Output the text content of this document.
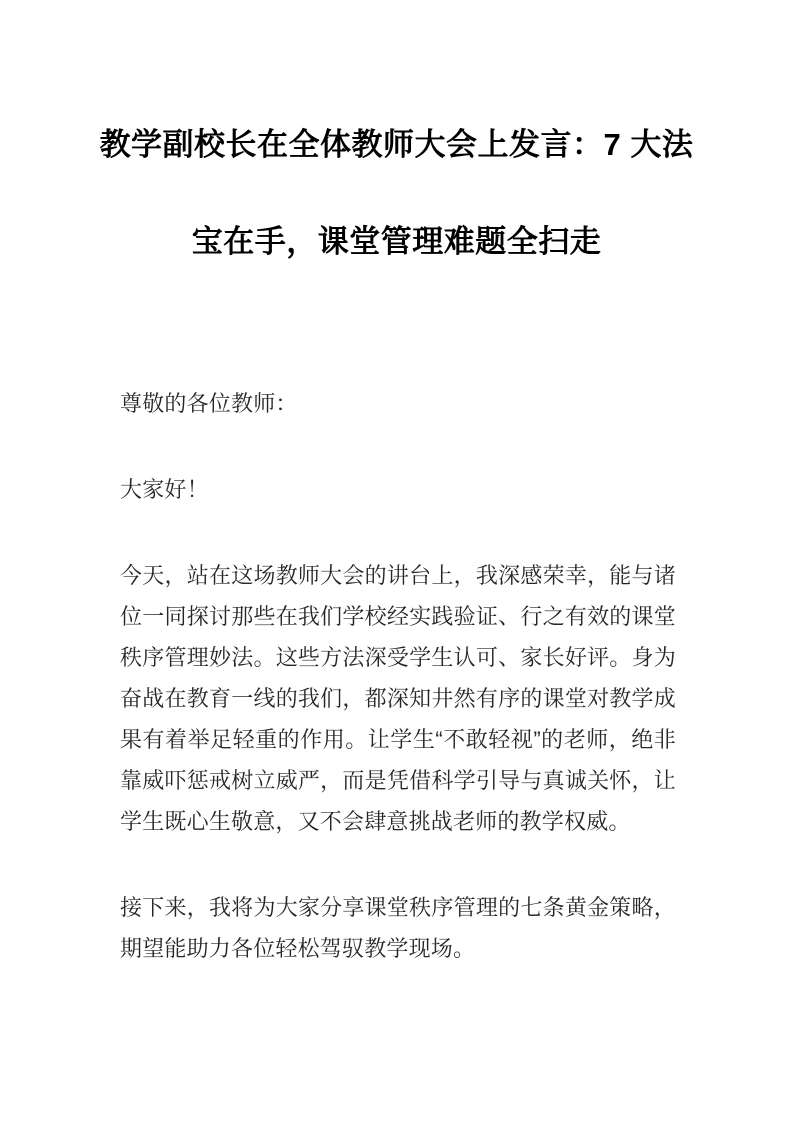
教学副校长在全体教师大会上发言：7 大法
宝在手，课堂管理难题全扫走

尊敬的各位教师：

大家好！

今天，站在这场教师大会的讲台上，我深感荣幸，能与诸位一同探讨那些在我们学校经实践验证、行之有效的课堂秩序管理妙法。这些方法深受学生认可、家长好评。身为奋战在教育一线的我们，都深知井然有序的课堂对教学成果有着举足轻重的作用。让学生“不敢轻视”的老师，绝非靠威吓惩戒树立威严，而是凭借科学引导与真诚关怀，让学生既心生敬意，又不会肆意挑战老师的教学权威。

接下来，我将为大家分享课堂秩序管理的七条黄金策略，期望能助力各位轻松驾驭教学现场。
